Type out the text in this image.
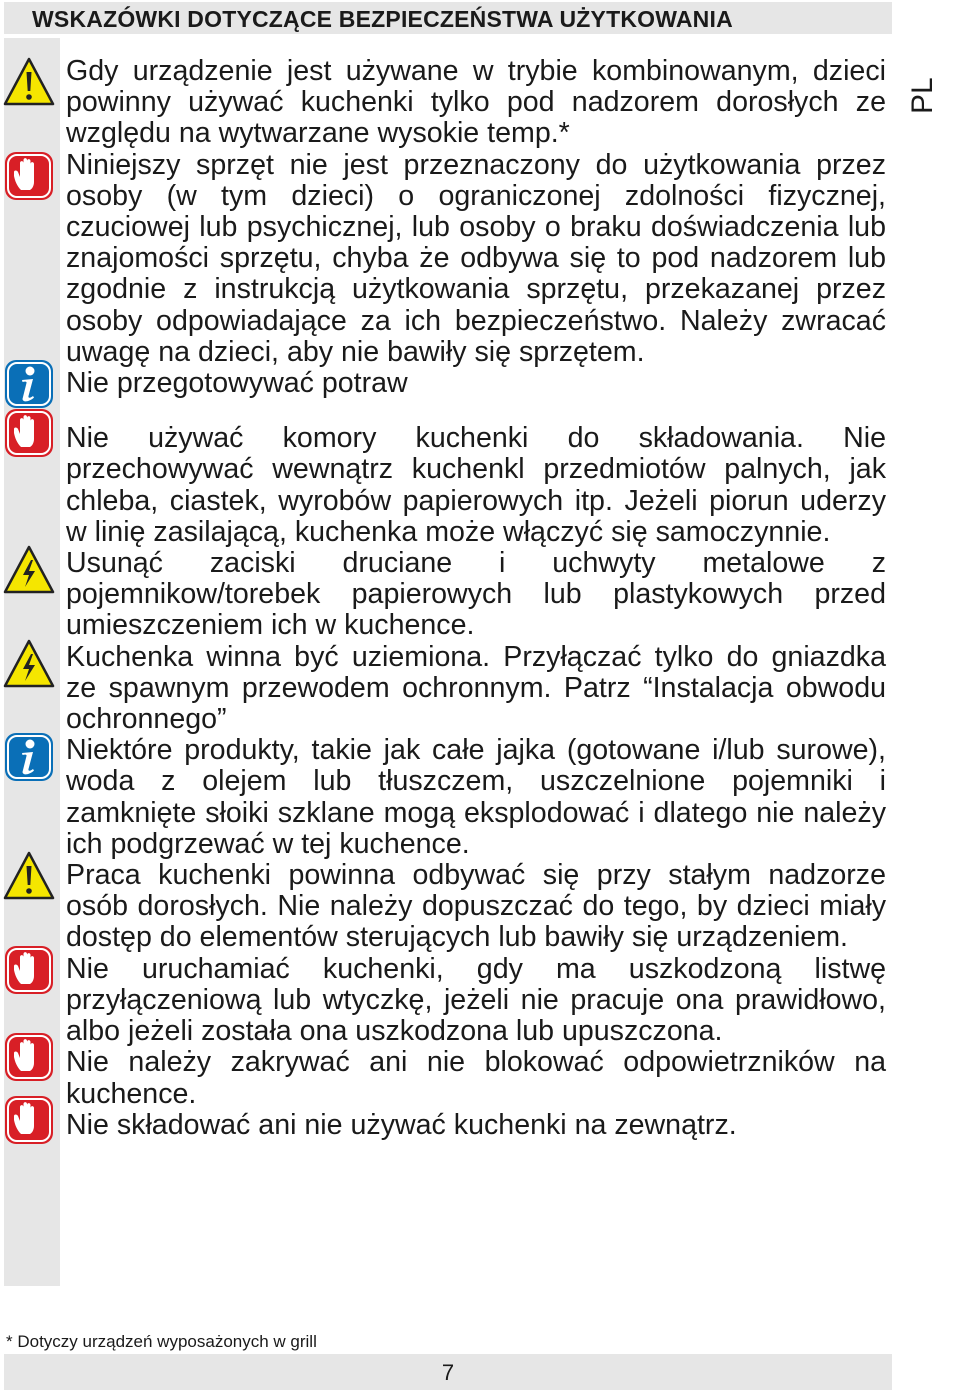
WSKAZÓWKI DOTYCZĄCE BEZPIECZEŃSTWA UŻYTKOWANIA
PL

Gdy urządzenie jest używane w trybie kombinowanym, dzieci powinny używać kuchenki tylko pod nadzorem dorosłych ze względu na wytwarzane wysokie temp.*

Niniejszy sprzęt nie jest przeznaczony do użytkowania przez osoby (w tym dzieci) o ograniczonej zdolności fizycznej, czuciowej lub psychicznej, lub osoby o braku doświadczenia lub znajomości sprzętu, chyba że odbywa się to pod nadzorem lub zgodnie z instrukcją użytkowania sprzętu, przekazanej przez osoby odpowiadające za ich bezpieczeństwo. Należy zwracać uwagę na dzieci, aby nie bawiły się sprzętem.

Nie przegotowywać potraw

Nie używać komory kuchenki do składowania. Nie przechowywać wewnątrz kuchenkl przedmiotów palnych, jak chleba, ciastek, wyrobów papierowych itp. Jeżeli piorun uderzy w linię zasilającą, kuchenka może włączyć się samoczynnie.

Usunąć zaciski druciane i uchwyty metalowe z pojemnikow/torebek papierowych lub plastykowych przed umieszczeniem ich w kuchence.

Kuchenka winna być uziemiona. Przyłączać tylko do gniazdka ze spawnym przewodem ochronnym. Patrz “Instalacja obwodu ochronnego”

Niektóre produkty, takie jak całe jajka (gotowane i/lub surowe), woda z olejem lub tłuszczem, uszczelnione pojemniki i zamknięte słoiki szklane mogą eksplodować i dlatego nie należy ich podgrzewać w tej kuchence.

Praca kuchenki powinna odbywać się przy stałym nadzorze osób dorosłych. Nie należy dopuszczać do tego, by dzieci miały dostęp do elementów sterujących lub bawiły się urządzeniem.

Nie uruchamiać kuchenki, gdy ma uszkodzoną listwę przyłączeniową lub wtyczkę, jeżeli nie pracuje ona prawidłowo, albo jeżeli została ona uszkodzona lub upuszczona.

Nie należy zakrywać ani nie blokować odpowietrzników na kuchence.

Nie składować ani nie używać kuchenki na zewnątrz.

* Dotyczy urządzeń wyposażonych w grill
7
